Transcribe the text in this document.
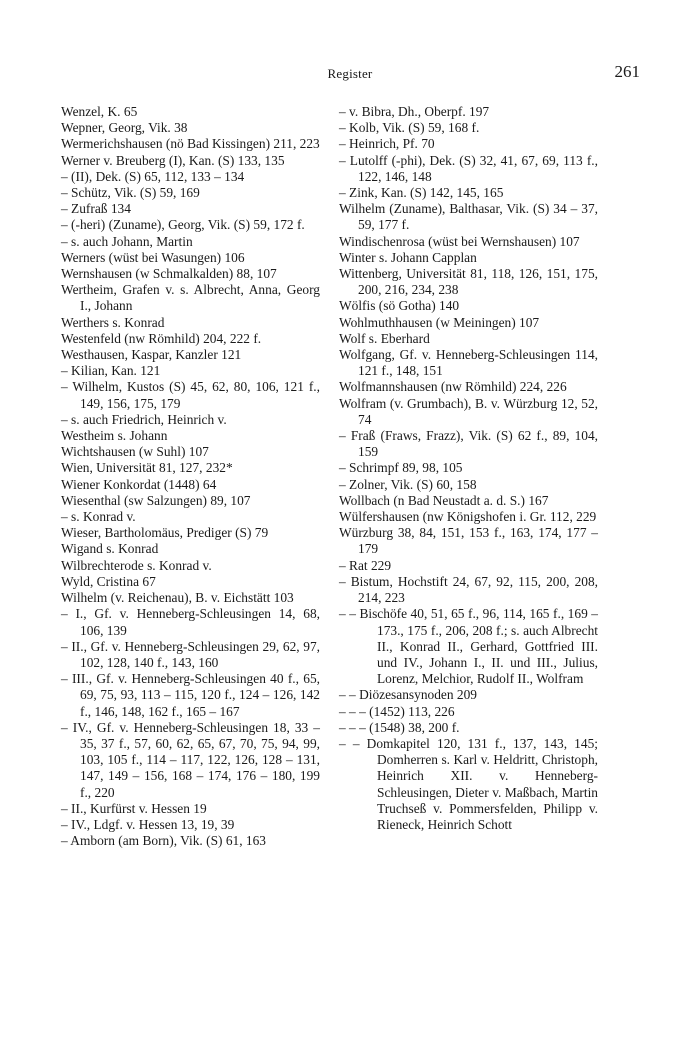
Register	261

Wenzel, K. 65

Wepner, Georg, Vik. 38

Wermerichshausen (nö Bad Kissingen) 211, 223

Werner v. Breuberg (I), Kan. (S) 133, 135

– (II), Dek. (S) 65, 112, 133 – 134

– Schütz, Vik. (S) 59, 169

– Zufraß 134

– (-heri) (Zuname), Georg, Vik. (S) 59, 172 f.

– s. auch Johann, Martin

Werners (wüst bei Wasungen) 106

Wernshausen (w Schmalkalden) 88, 107

Wertheim, Grafen v. s. Albrecht, Anna, Georg I., Johann

Werthers s. Konrad

Westenfeld (nw Römhild) 204, 222 f.

Westhausen, Kaspar, Kanzler 121

– Kilian, Kan. 121

– Wilhelm, Kustos (S) 45, 62, 80, 106, 121 f., 149, 156, 175, 179

– s. auch Friedrich, Heinrich v.

Westheim s. Johann

Wichtshausen (w Suhl) 107

Wien, Universität 81, 127, 232*

Wiener Konkordat (1448) 64

Wiesenthal (sw Salzungen) 89, 107

– s. Konrad v.

Wieser, Bartholomäus, Prediger (S) 79

Wigand s. Konrad

Wilbrechterode s. Konrad v.

Wyld, Cristina 67

Wilhelm (v. Reichenau), B. v. Eichstätt 103

– I., Gf. v. Henneberg-Schleusingen 14, 68, 106, 139

– II., Gf. v. Henneberg-Schleusingen 29, 62, 97, 102, 128, 140 f., 143, 160

– III., Gf. v. Henneberg-Schleusingen 40 f., 65, 69, 75, 93, 113 – 115, 120 f., 124 – 126, 142 f., 146, 148, 162 f., 165 – 167

– IV., Gf. v. Henneberg-Schleusingen 18, 33 – 35, 37 f., 57, 60, 62, 65, 67, 70, 75, 94, 99, 103, 105 f., 114 – 117, 122, 126, 128 – 131, 147, 149 – 156, 168 – 174, 176 – 180, 199 f., 220

– II., Kurfürst v. Hessen 19

– IV., Ldgf. v. Hessen 13, 19, 39

– Amborn (am Born), Vik. (S) 61, 163

– v. Bibra, Dh., Oberpf. 197

– Kolb, Vik. (S) 59, 168 f.

– Heinrich, Pf. 70

– Lutolff (-phi), Dek. (S) 32, 41, 67, 69, 113 f., 122, 146, 148

– Zink, Kan. (S) 142, 145, 165

Wilhelm (Zuname), Balthasar, Vik. (S) 34 – 37, 59, 177 f.

Windischenrosa (wüst bei Wernshausen) 107

Winter s. Johann Capplan

Wittenberg, Universität 81, 118, 126, 151, 175, 200, 216, 234, 238

Wölfis (sö Gotha) 140

Wohlmuthhausen (w Meiningen) 107

Wolf s. Eberhard

Wolfgang, Gf. v. Henneberg-Schleusingen 114, 121 f., 148, 151

Wolfmannshausen (nw Römhild) 224, 226

Wolfram (v. Grumbach), B. v. Würzburg 12, 52, 74

– Fraß (Fraws, Frazz), Vik. (S) 62 f., 89, 104, 159

– Schrimpf 89, 98, 105

– Zolner, Vik. (S) 60, 158

Wollbach (n Bad Neustadt a. d. S.) 167

Wülfershausen (nw Königshofen i. Gr. 112, 229

Würzburg 38, 84, 151, 153 f., 163, 174, 177 – 179

– Rat 229

– Bistum, Hochstift 24, 67, 92, 115, 200, 208, 214, 223

– – Bischöfe 40, 51, 65 f., 96, 114, 165 f., 169 – 173., 175 f., 206, 208 f.; s. auch Albrecht II., Konrad II., Gerhard, Gottfried III. und IV., Johann I., II. und III., Julius, Lorenz, Melchior, Rudolf II., Wolfram

– – Diözesansynoden 209

– – – (1452) 113, 226

– – – (1548) 38, 200 f.

– – Domkapitel 120, 131 f., 137, 143, 145; Domherren s. Karl v. Heldritt, Christoph, Heinrich XII. v. Henneberg-Schleusingen, Dieter v. Maßbach, Martin Truchseß v. Pommersfelden, Philipp v. Rieneck, Heinrich Schott
